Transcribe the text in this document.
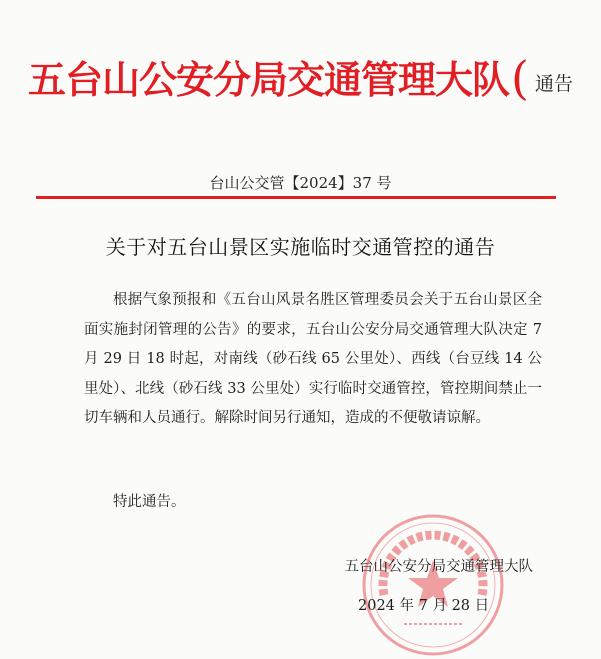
五台山公安分局交通管理大队 ( 通告
台山公交管【2024】37 号
关于对五台山景区实施临时交通管控的通告

根据气象预报和《五台山风景名胜区管理委员会关于五台山景区全面实施封闭管理的公告》的要求，五台山公安分局交通管理大队决定 7 月 29 日 18 时起，对南线（砂石线 65 公里处）、西线（台豆线 14 公里处）、北线（砂石线 33 公里处）实行临时交通管控，管控期间禁止一切车辆和人员通行。解除时间另行通知，造成的不便敬请谅解。

特此通告。
五台山公安分局交通管理大队
2024 年 7 月 28 日
